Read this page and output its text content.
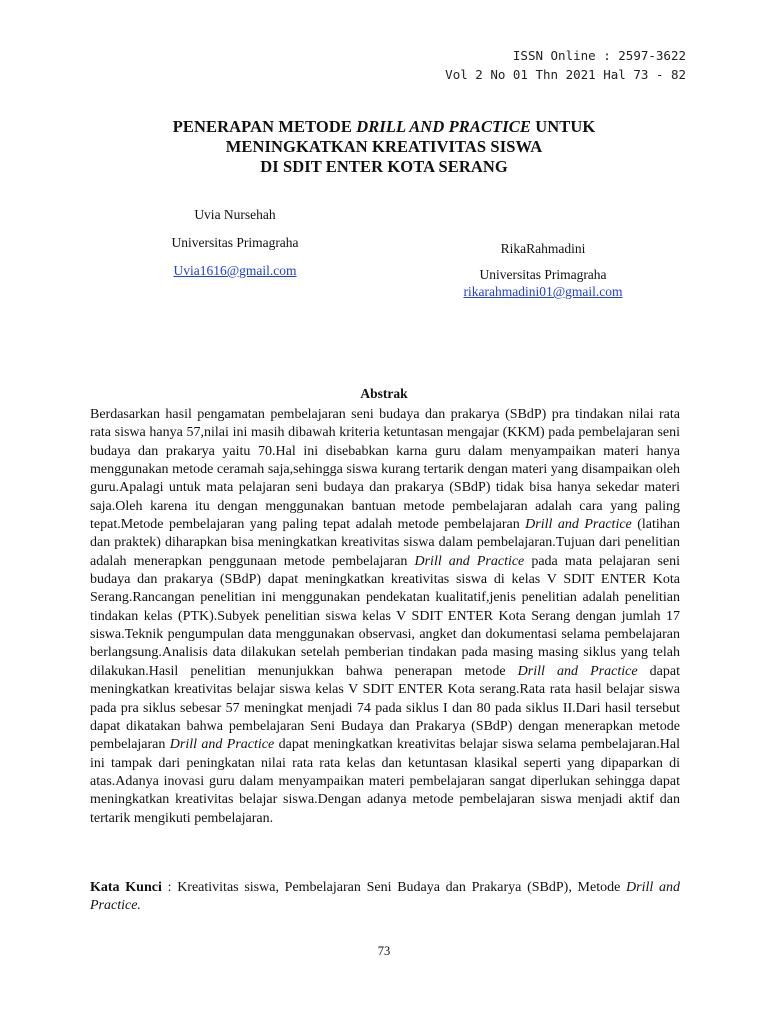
ISSN Online : 2597-3622
Vol 2 No 01 Thn 2021 Hal 73 - 82
PENERAPAN METODE DRILL AND PRACTICE UNTUK
MENINGKATKAN KREATIVITAS SISWA
DI SDIT ENTER KOTA SERANG
Uvia Nursehah
Universitas Primagraha
Uvia1616@gmail.com
RikaRahmadini
Universitas Primagraha
rikarahmadini01@gmail.com
Abstrak

Berdasarkan hasil pengamatan pembelajaran seni budaya dan prakarya (SBdP) pra tindakan nilai rata rata siswa hanya 57,nilai ini masih dibawah kriteria ketuntasan mengajar (KKM) pada pembelajaran seni budaya dan prakarya yaitu 70.Hal ini disebabkan karna guru dalam menyampaikan materi hanya menggunakan metode ceramah saja,sehingga siswa kurang tertarik dengan materi yang disampaikan oleh guru.Apalagi untuk mata pelajaran seni budaya dan prakarya (SBdP) tidak bisa hanya sekedar materi saja.Oleh karena itu dengan menggunakan bantuan metode pembelajaran adalah cara yang paling tepat.Metode pembelajaran yang paling tepat adalah metode pembelajaran Drill and Practice (latihan dan praktek) diharapkan bisa meningkatkan kreativitas siswa dalam pembelajaran.Tujuan dari penelitian adalah menerapkan penggunaan metode pembelajaran Drill and Practice pada mata pelajaran seni budaya dan prakarya (SBdP) dapat meningkatkan kreativitas siswa di kelas V SDIT ENTER Kota Serang.Rancangan penelitian ini menggunakan pendekatan kualitatif,jenis penelitian adalah penelitian tindakan kelas (PTK).Subyek penelitian siswa kelas V SDIT ENTER Kota Serang dengan jumlah 17 siswa.Teknik pengumpulan data menggunakan observasi, angket dan dokumentasi selama pembelajaran berlangsung.Analisis data dilakukan setelah pemberian tindakan pada masing masing siklus yang telah dilakukan.Hasil penelitian menunjukkan bahwa penerapan metode Drill and Practice dapat meningkatkan kreativitas belajar siswa kelas V SDIT ENTER Kota serang.Rata rata hasil belajar siswa pada pra siklus sebesar 57 meningkat menjadi 74 pada siklus I dan 80 pada siklus II.Dari hasil tersebut dapat dikatakan bahwa pembelajaran Seni Budaya dan Prakarya (SBdP) dengan menerapkan metode pembelajaran Drill and Practice dapat meningkatkan kreativitas belajar siswa selama pembelajaran.Hal ini tampak dari peningkatan nilai rata rata kelas dan ketuntasan klasikal seperti yang dipaparkan di atas.Adanya inovasi guru dalam menyampaikan materi pembelajaran sangat diperlukan sehingga dapat meningkatkan kreativitas belajar siswa.Dengan adanya metode pembelajaran siswa menjadi aktif dan tertarik mengikuti pembelajaran.

Kata Kunci : Kreativitas siswa, Pembelajaran Seni Budaya dan Prakarya (SBdP), Metode Drill and Practice.

73
